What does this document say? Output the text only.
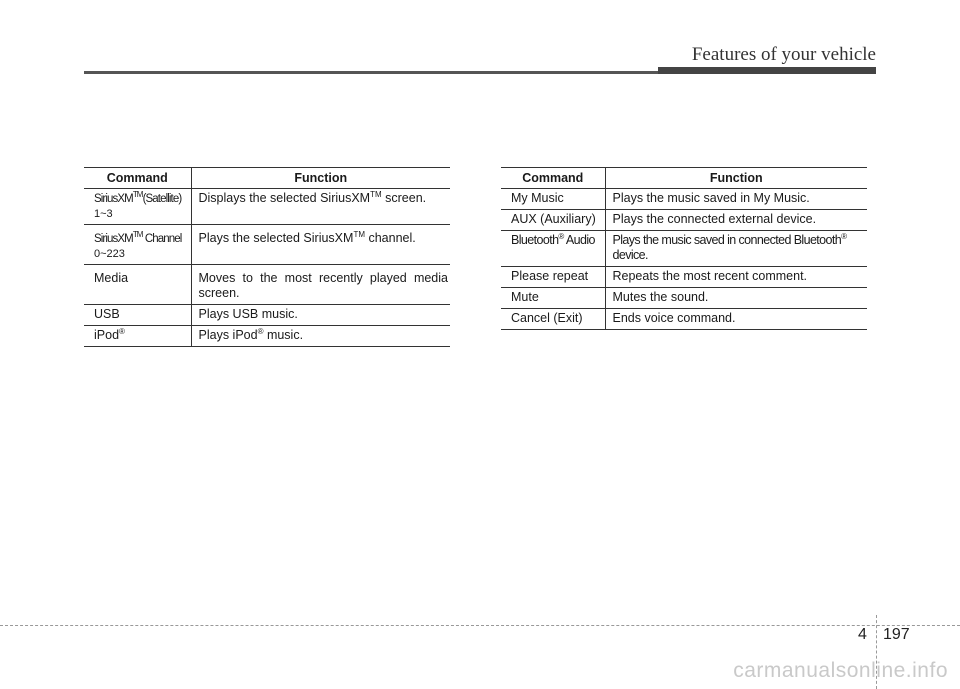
Features of your vehicle
Command	Function
SiriusXM™(Satellite)
1~3	Displays the selected SiriusXM™ screen.
SiriusXM™ Channel
0~223	Plays the selected SiriusXM™ channel.
Media	Moves to the most recently played media screen.
USB	Plays USB music.
iPod®	Plays iPod® music.
Command	Function
My Music	Plays the music saved in My Music.
AUX (Auxiliary)	Plays the connected external device.
Bluetooth® Audio	Plays the music saved in connected Bluetooth®
device.
Please repeat	Repeats the most recent comment.
Mute	Mutes the sound.
Cancel (Exit)	Ends voice command.
4 197
carmanualsonline.info
